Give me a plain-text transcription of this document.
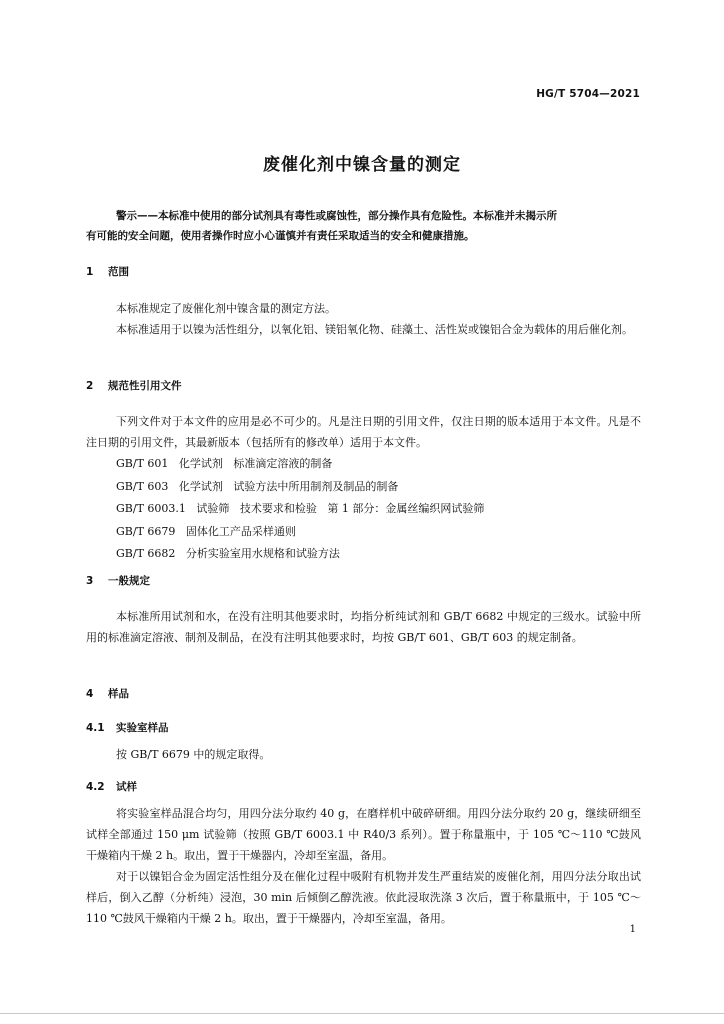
HG/T 5704—2021
废催化剂中镍含量的测定
警示——本标准中使用的部分试剂具有毒性或腐蚀性，部分操作具有危险性。本标准并未揭示所
有可能的安全问题，使用者操作时应小心谨慎并有责任采取适当的安全和健康措施。
1 范围
本标准规定了废催化剂中镍含量的测定方法。
本标准适用于以镍为活性组分，以氧化铝、镁铝氧化物、硅藻土、活性炭或镍铝合金为载体的用后催化剂。
2 规范性引用文件
下列文件对于本文件的应用是必不可少的。凡是注日期的引用文件，仅注日期的版本适用于本文件。凡是不注日期的引用文件，其最新版本（包括所有的修改单）适用于本文件。
GB/T 601   化学试剂   标准滴定溶液的制备
GB/T 603   化学试剂   试验方法中所用制剂及制品的制备
GB/T 6003.1   试验筛   技术要求和检验   第 1 部分：金属丝编织网试验筛
GB/T 6679   固体化工产品采样通则
GB/T 6682   分析实验室用水规格和试验方法
3 一般规定
本标准所用试剂和水，在没有注明其他要求时，均指分析纯试剂和 GB/T 6682 中规定的三级水。试验中所用的标准滴定溶液、制剂及制品，在没有注明其他要求时，均按 GB/T 601、GB/T 603 的规定制备。
4 样品
4.1 实验室样品
按 GB/T 6679 中的规定取得。
4.2 试样
将实验室样品混合均匀，用四分法分取约 40 g，在磨样机中破碎研细。用四分法分取约 20 g，继续研细至试样全部通过 150 μm 试验筛（按照 GB/T 6003.1 中 R40/3 系列）。置于称量瓶中，于 105 ℃～110 ℃鼓风干燥箱内干燥 2 h。取出，置于干燥器内，冷却至室温，备用。
对于以镍铝合金为固定活性组分及在催化过程中吸附有机物并发生严重结炭的废催化剂，用四分法分取出试样后，倒入乙醇（分析纯）浸泡，30 min 后倾倒乙醇洗液。依此浸取洗涤 3 次后，置于称量瓶中，于 105 ℃～110 ℃鼓风干燥箱内干燥 2 h。取出，置于干燥器内，冷却至室温，备用。
1
